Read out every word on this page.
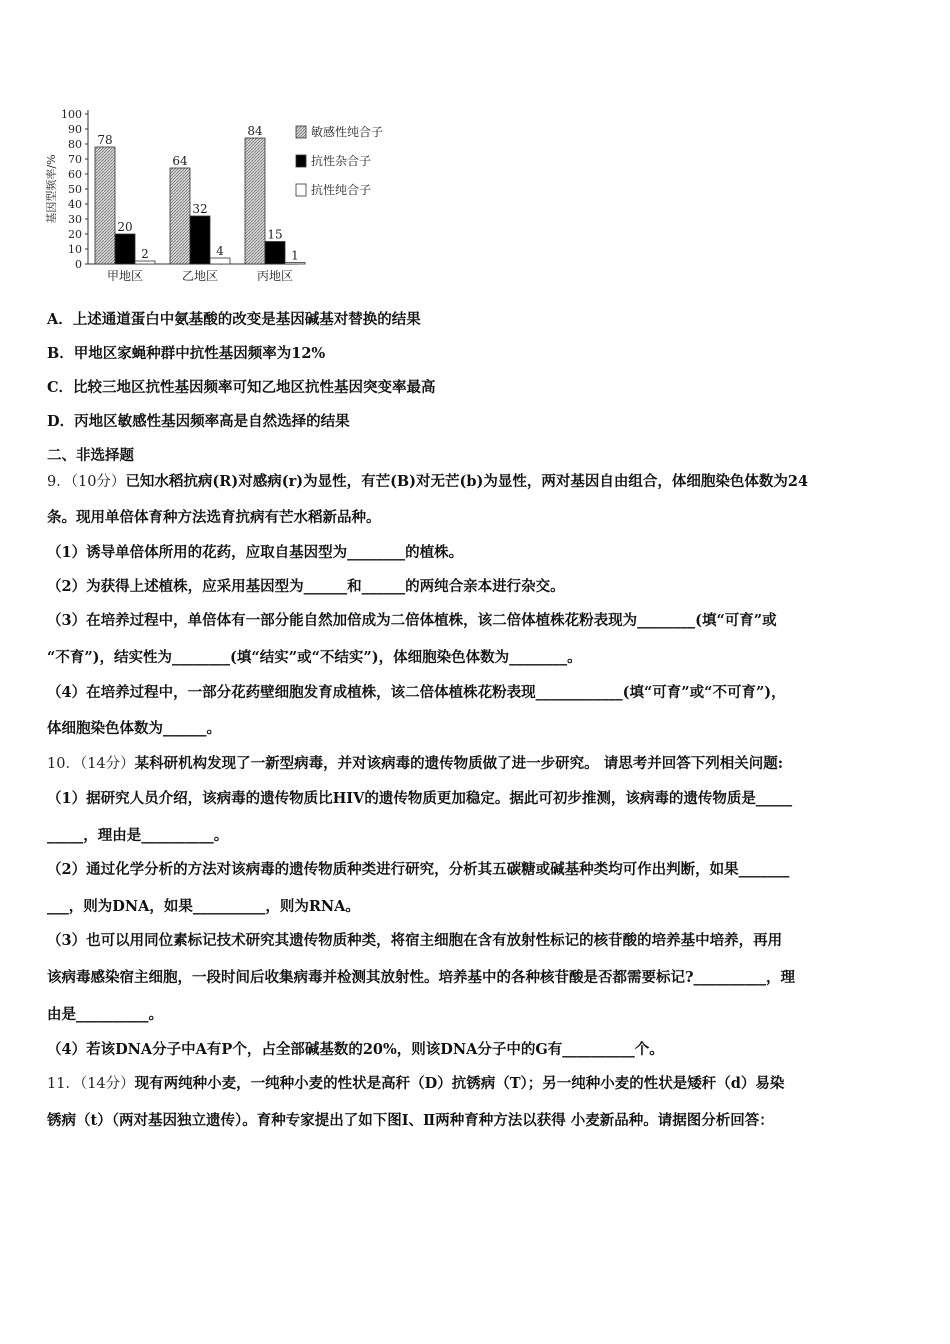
0
10
20
30
40
50
60
70
80
90
100
基因型频率/%
78
20
2
甲地区
64
32
4
乙地区
84
15
1
丙地区
敏感性纯合子
抗性杂合子
抗性纯合子
A．上述通道蛋白中氨基酸的改变是基因碱基对替换的结果
B．甲地区家蝇种群中抗性基因频率为12%
C．比较三地区抗性基因频率可知乙地区抗性基因突变率最高
D．丙地区敏感性基因频率高是自然选择的结果
二、非选择题
9．（10分）已知水稻抗病(R)对感病(r)为显性，有芒(B)对无芒(b)为显性，两对基因自由组合，体细胞染色体数为24
条。现用单倍体育种方法选育抗病有芒水稻新品种。
（1）诱导单倍体所用的花药，应取自基因型为________的植株。
（2）为获得上述植株，应采用基因型为______和______的两纯合亲本进行杂交。
（3）在培养过程中，单倍体有一部分能自然加倍成为二倍体植株，该二倍体植株花粉表现为________(填“可育”或
“不育”)，结实性为________(填“结实”或“不结实”)，体细胞染色体数为________。
（4）在培养过程中，一部分花药壁细胞发育成植株，该二倍体植株花粉表现____________(填“可育”或“不可育”)，
体细胞染色体数为______。
10．（14分）某科研机构发现了一新型病毒，并对该病毒的遗传物质做了进一步研究。 请思考并回答下列相关问题:
（1）据研究人员介绍，该病毒的遗传物质比HIV的遗传物质更加稳定。据此可初步推测，该病毒的遗传物质是_____
_____，理由是__________。
（2）通过化学分析的方法对该病毒的遗传物质种类进行研究，分析其五碳糖或碱基种类均可作出判断，如果_______
___，则为DNA，如果__________，则为RNA。
（3）也可以用同位素标记技术研究其遗传物质种类，将宿主细胞在含有放射性标记的核苷酸的培养基中培养，再用
该病毒感染宿主细胞，一段时间后收集病毒并检测其放射性。培养基中的各种核苷酸是否都需要标记?__________，理
由是__________。
（4）若该DNA分子中A有P个，占全部碱基数的20%，则该DNA分子中的G有__________个。
11．（14分）现有两纯种小麦，一纯种小麦的性状是高秆（D）抗锈病（T）；另一纯种小麦的性状是矮秆（d）易染
锈病（t）（两对基因独立遗传）。育种专家提出了如下图Ⅰ、Ⅱ两种育种方法以获得 小麦新品种。请据图分析回答：
